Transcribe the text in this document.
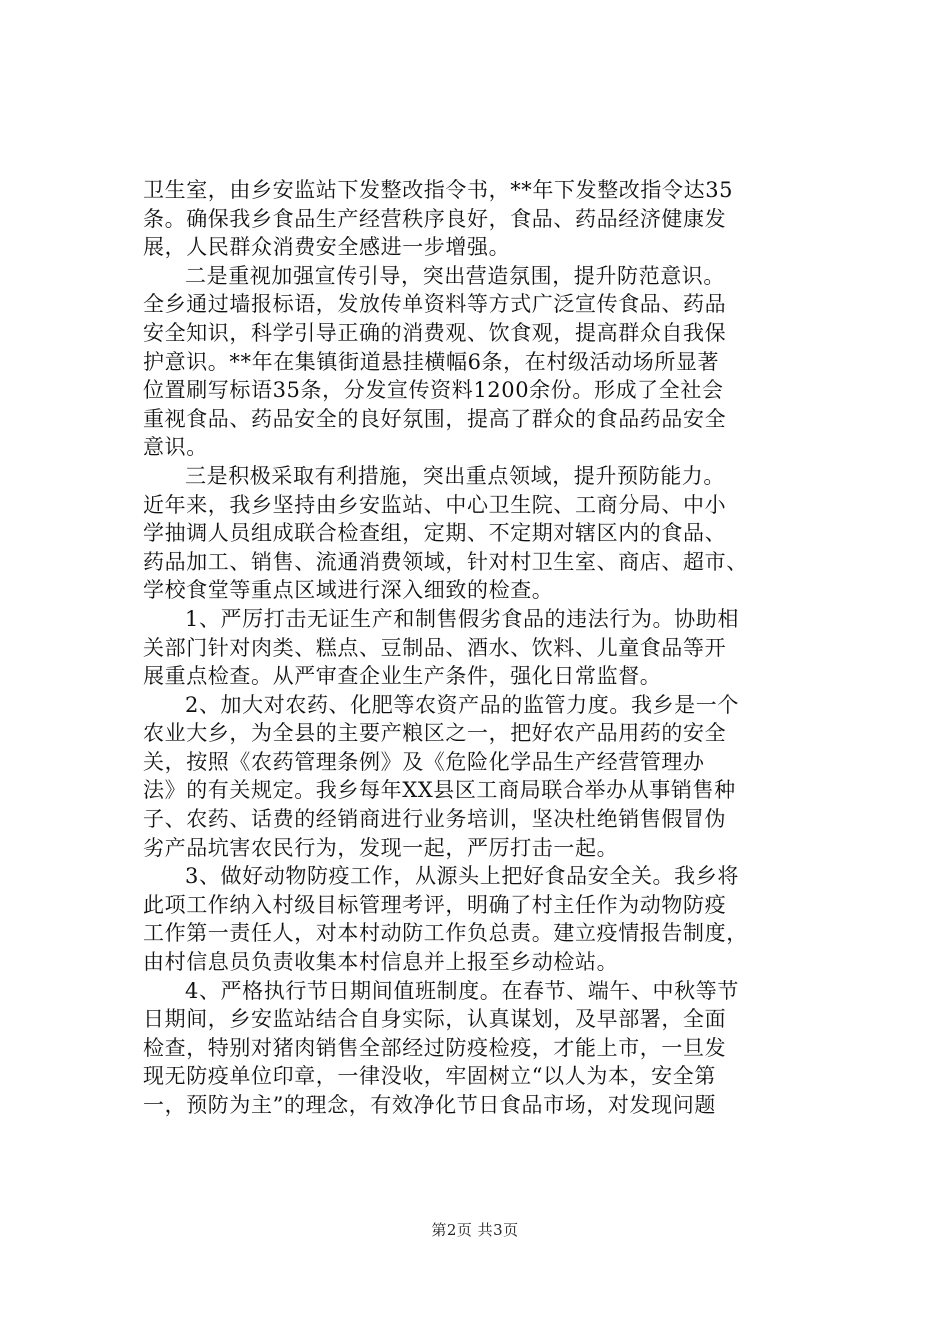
卫生室，由乡安监站下发整改指令书，**年下发整改指令达35
条。确保我乡食品生产经营秩序良好，食品、药品经济健康发
展，人民群众消费安全感进一步增强。
二是重视加强宣传引导，突出营造氛围，提升防范意识。
全乡通过墙报标语，发放传单资料等方式广泛宣传食品、药品
安全知识，科学引导正确的消费观、饮食观，提高群众自我保
护意识。**年在集镇街道悬挂横幅6条，在村级活动场所显著
位置刷写标语35条，分发宣传资料1200余份。形成了全社会
重视食品、药品安全的良好氛围，提高了群众的食品药品安全
意识。
三是积极采取有利措施，突出重点领域，提升预防能力。
近年来，我乡坚持由乡安监站、中心卫生院、工商分局、中小
学抽调人员组成联合检查组，定期、不定期对辖区内的食品、
药品加工、销售、流通消费领域，针对村卫生室、商店、超市、
学校食堂等重点区域进行深入细致的检查。
1、严厉打击无证生产和制售假劣食品的违法行为。协助相
关部门针对肉类、糕点、豆制品、酒水、饮料、儿童食品等开
展重点检查。从严审查企业生产条件，强化日常监督。
2、加大对农药、化肥等农资产品的监管力度。我乡是一个
农业大乡，为全县的主要产粮区之一，把好农产品用药的安全
关，按照《农药管理条例》及《危险化学品生产经营管理办
法》的有关规定。我乡每年XX县区工商局联合举办从事销售种
子、农药、话费的经销商进行业务培训，坚决杜绝销售假冒伪
劣产品坑害农民行为，发现一起，严厉打击一起。
3、做好动物防疫工作，从源头上把好食品安全关。我乡将
此项工作纳入村级目标管理考评，明确了村主任作为动物防疫
工作第一责任人，对本村动防工作负总责。建立疫情报告制度，
由村信息员负责收集本村信息并上报至乡动检站。
4、严格执行节日期间值班制度。在春节、端午、中秋等节
日期间，乡安监站结合自身实际，认真谋划，及早部署，全面
检查，特别对猪肉销售全部经过防疫检疫，才能上市，一旦发
现无防疫单位印章，一律没收，牢固树立“以人为本，安全第
一，预防为主”的理念，有效净化节日食品市场，对发现问题
第2页 共3页
